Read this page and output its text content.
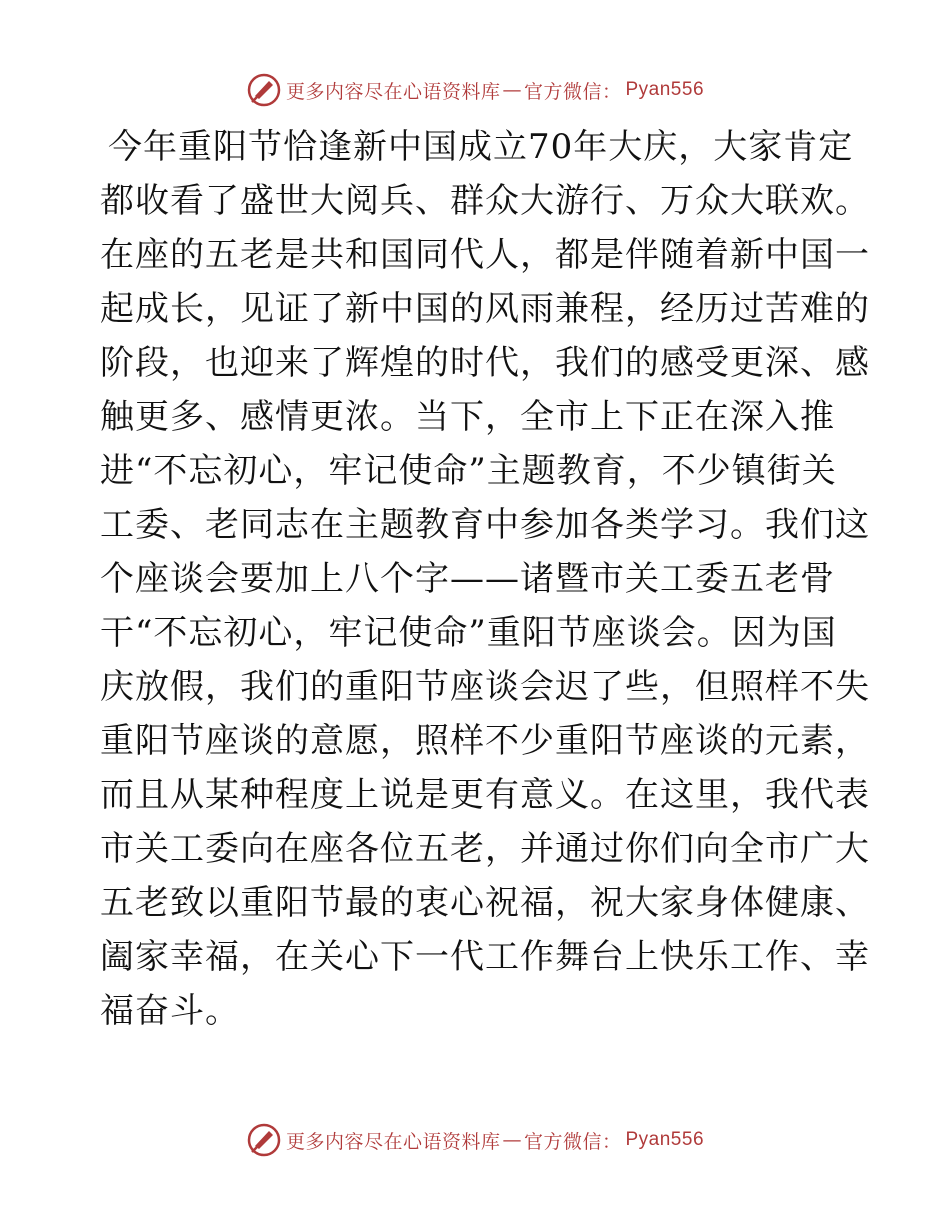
更多内容尽在心语资料库 — 官方微信： Pyan556
今年重阳节恰逢新中国成立70年大庆，大家肯定
都收看了盛世大阅兵、群众大游行、万众大联欢。
在座的五老是共和国同代人，都是伴随着新中国一
起成长，见证了新中国的风雨兼程，经历过苦难的
阶段，也迎来了辉煌的时代，我们的感受更深、感
触更多、感情更浓。当下，全市上下正在深入推
进“不忘初心，牢记使命”主题教育，不少镇街关
工委、老同志在主题教育中参加各类学习。我们这
个座谈会要加上八个字——诸暨市关工委五老骨
干“不忘初心，牢记使命”重阳节座谈会。因为国
庆放假，我们的重阳节座谈会迟了些，但照样不失
重阳节座谈的意愿，照样不少重阳节座谈的元素，
而且从某种程度上说是更有意义。在这里，我代表
市关工委向在座各位五老，并通过你们向全市广大
五老致以重阳节最的衷心祝福，祝大家身体健康、
阖家幸福，在关心下一代工作舞台上快乐工作、幸
福奋斗。
更多内容尽在心语资料库 — 官方微信： Pyan556
